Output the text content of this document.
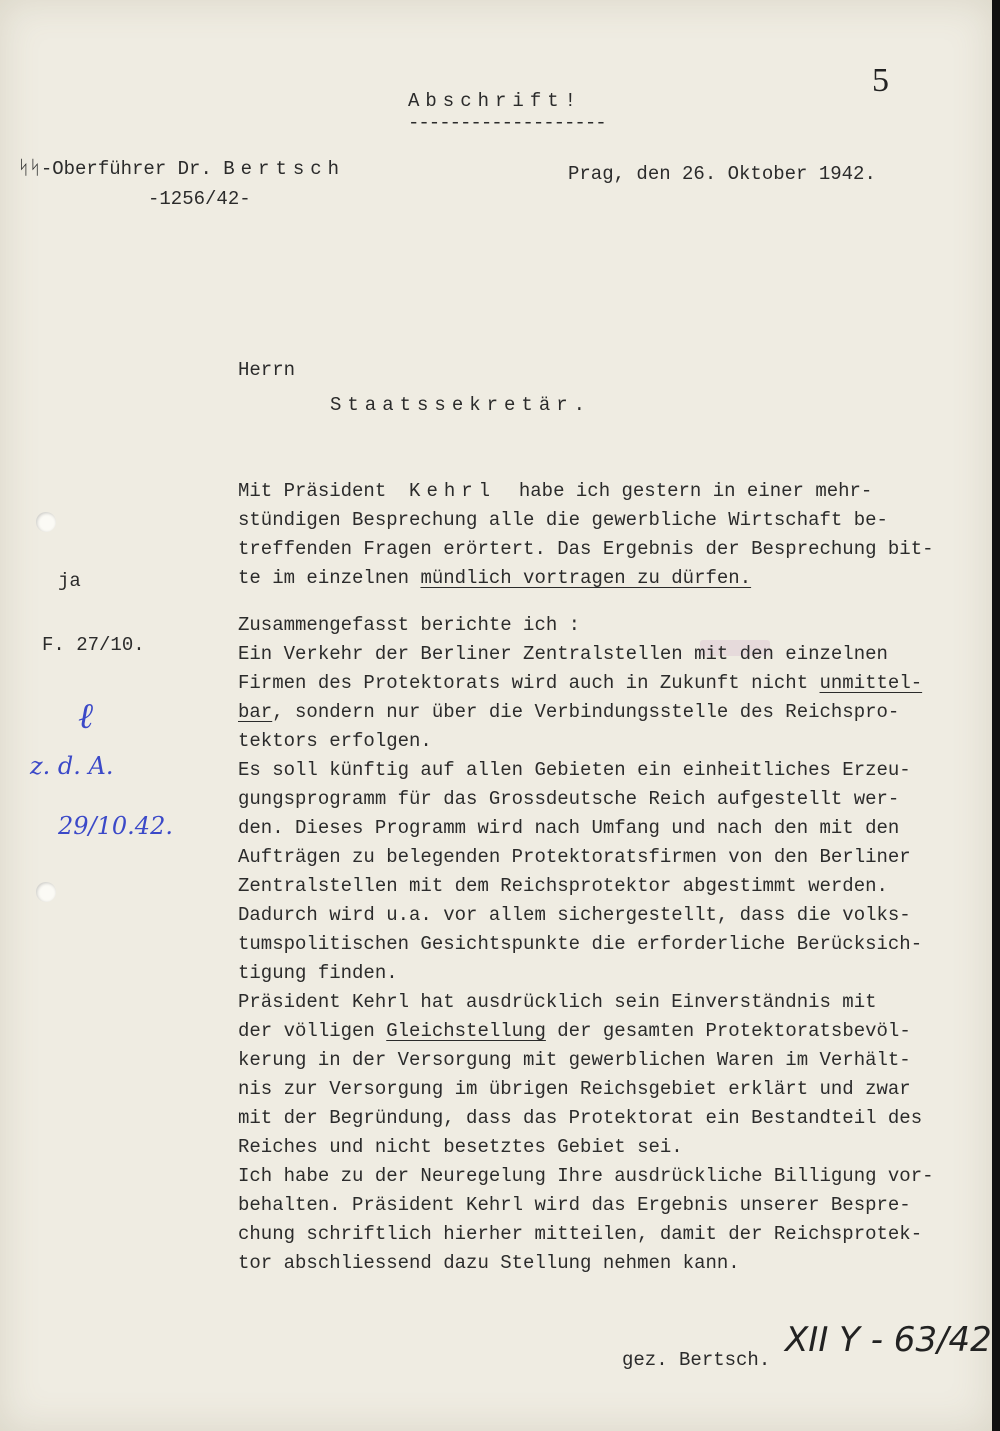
5

Abschrift!

-------------------

ᛋᛋ-Oberführer Dr. Bertsch

-1256/42-

Prag, den 26. Oktober 1942.

Herrn

Staatssekretär.

ja

F. 27/10.

ℓ

z. d. A.

29/10.42.

Mit Präsident Kehrl habe ich gestern in einer mehr-

stündigen Besprechung alle die gewerbliche Wirtschaft be-

treffenden Fragen erörtert. Das Ergebnis der Besprechung bit-

te im einzelnen mündlich vortragen zu dürfen.

Zusammengefasst berichte ich :

Ein Verkehr der Berliner Zentralstellen mit den einzelnen

Firmen des Protektorats wird auch in Zukunft nicht unmittel-

bar, sondern nur über die Verbindungsstelle des Reichspro-

tektors erfolgen.

Es soll künftig auf allen Gebieten ein einheitliches Erzeu-

gungsprogramm für das Grossdeutsche Reich aufgestellt wer-

den. Dieses Programm wird nach Umfang und nach den mit den

Aufträgen zu belegenden Protektoratsfirmen von den Berliner

Zentralstellen mit dem Reichsprotektor abgestimmt werden.

Dadurch wird u.a. vor allem sichergestellt, dass die volks-

tumspolitischen Gesichtspunkte die erforderliche Berücksich-

tigung finden.

Präsident Kehrl hat ausdrücklich sein Einverständnis mit

der völligen Gleichstellung der gesamten Protektoratsbevöl-

kerung in der Versorgung mit gewerblichen Waren im Verhält-

nis zur Versorgung im übrigen Reichsgebiet erklärt und zwar

mit der Begründung, dass das Protektorat ein Bestandteil des

Reiches und nicht besetztes Gebiet sei.

Ich habe zu der Neuregelung Ihre ausdrückliche Billigung vor-

behalten. Präsident Kehrl wird das Ergebnis unserer Bespre-

chung schriftlich hierher mitteilen, damit der Reichsprotek-

tor abschliessend dazu Stellung nehmen kann.

gez. Bertsch. XII Y - 63/42
